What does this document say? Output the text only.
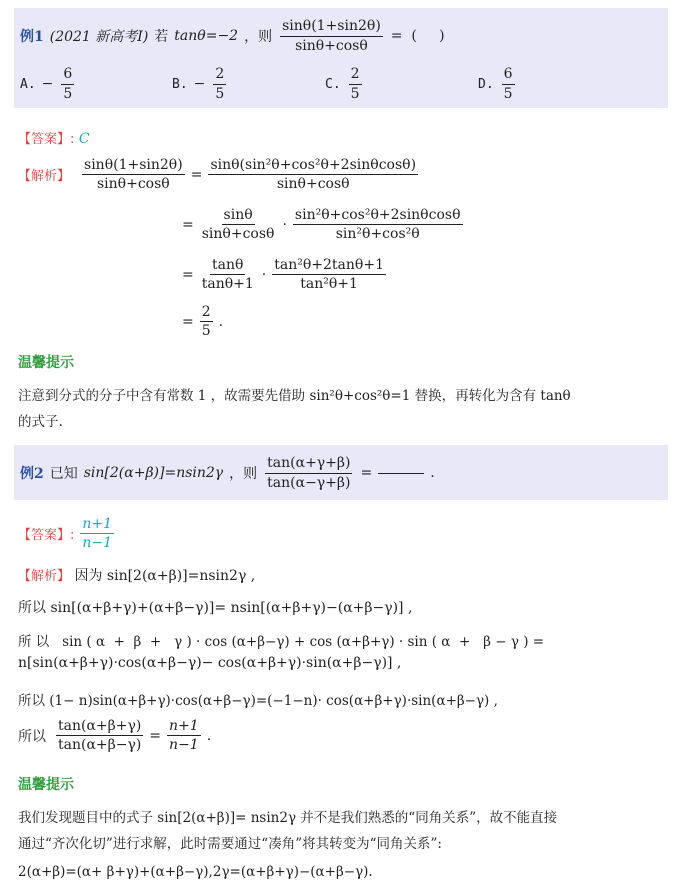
例1 (2021 新高考I) 若 tanθ=−2 ，则 $\frac{\sin\theta(1+\sin 2\theta)}{\sin\theta+\cos\theta}$ =  (     )
A. − $\frac{6}{5}$	B. − $\frac{2}{5}$	C. $\frac{2}{5}$	D. $\frac{6}{5}$
【答案】: C
【解析】 $\frac{\sin\theta(1+\sin 2\theta)}{\sin\theta+\cos\theta} = \frac{\text{sinθ(sin²θ+cos²θ+2sinθcosθ)}}{\sin\theta+\cos\theta}$
= $\frac{\sin\theta}{\sin\theta+\cos\theta} \cdot \frac{\text{sin²θ+cos²θ+2sinθcosθ}}{\text{sin²θ+cos²θ}}$
= $\frac{\tan\theta}{\tan\theta+1} \cdot \frac{\text{tan²θ+2tanθ+1}}{\text{tan²θ+1}}$
= $\frac{2}{5}$ .
温馨提示
注意到分式的分子中含有常数 1 ，故需要先借助 sin²θ+cos²θ=1 替换，再转化为含有 tanθ
的式子.
例2 已知 sin[2(α+β)]=nsin2γ ，则 $\frac{\tan(\alpha+\gamma+\beta)}{\tan(\alpha-\gamma+\beta)}$ =	.
【答案】: $\frac{n+1}{n-1}$
【解析】 因为 sin[2(α+β)]=nsin2γ ,
所以 sin[(α+β+γ)+(α+β−γ)]= nsin[(α+β+γ)−(α+β−γ)] ,
所 以   sin ( α  +  β  +   γ ) · cos (α+β−γ) + cos (α+β+γ) · sin ( α  +   β − γ ) =
n[sin(α+β+γ)·cos(α+β−γ)− cos(α+β+γ)·sin(α+β−γ)] ,
所以 (1− n)sin(α+β+γ)·cos(α+β−γ)=(−1−n)· cos(α+β+γ)·sin(α+β−γ) ,
所以 $\frac{\tan(\alpha+\beta+\gamma)}{\tan(\alpha+\beta-\gamma)} = \frac{n+1}{n-1}$ .
温馨提示
我们发现题目中的式子 sin[2(α+β)]= nsin2γ 并不是我们熟悉的“同角关系”，故不能直接
通过“齐次化切”进行求解，此时需要通过“凑角”将其转变为“同角关系”:
2(α+β)=(α+ β+γ)+(α+β−γ),2γ=(α+β+γ)−(α+β−γ).
